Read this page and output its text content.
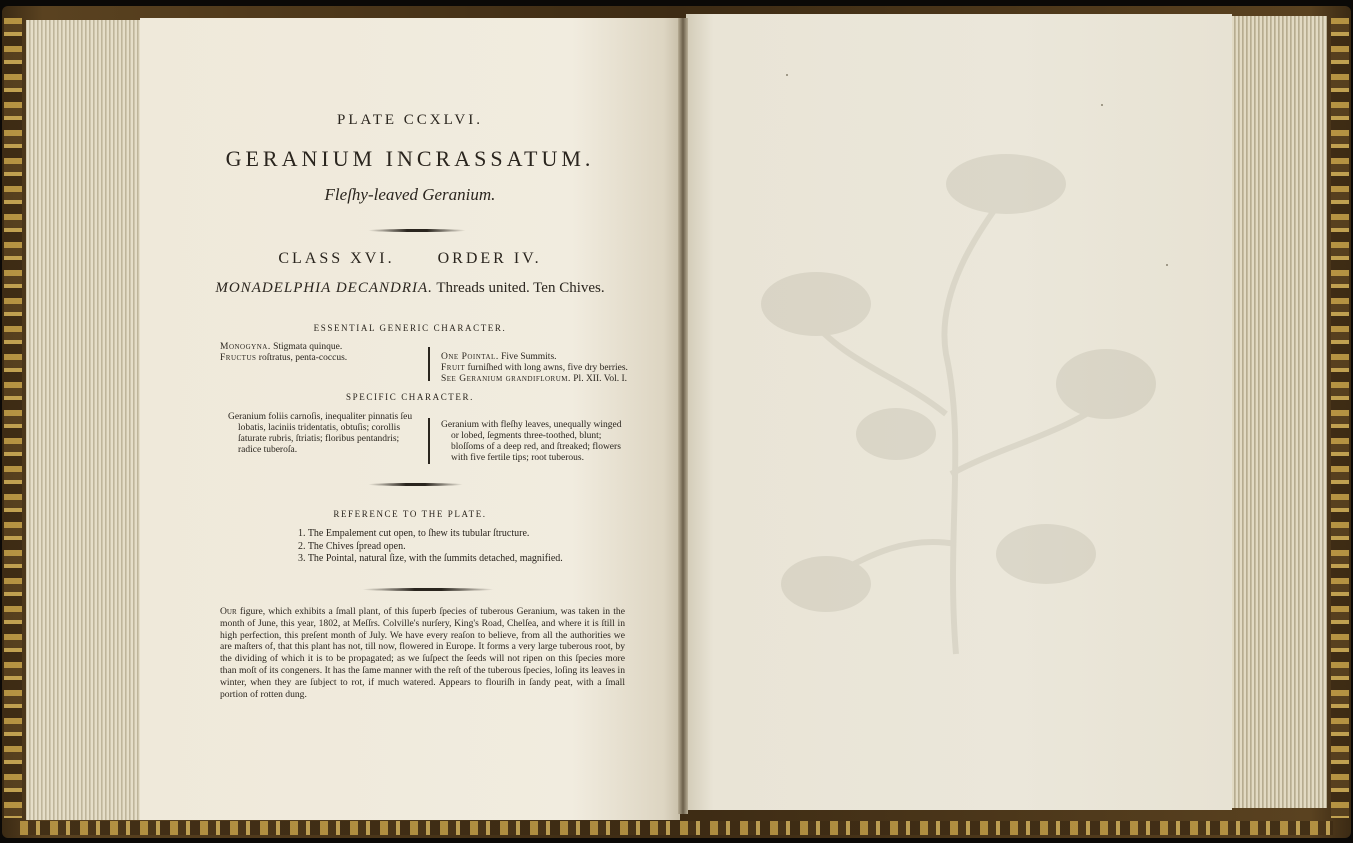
PLATE CCXLVI.
GERANIUM INCRASSATUM.
Fleſhy-leaved Geranium.
CLASS XVI.	ORDER IV.
MONADELPHIA DECANDRIA. Threads united. Ten Chives.
ESSENTIAL GENERIC CHARACTER.
Monogyna. Stigmata quinque.
Fructus roſtratus, penta-coccus.	One Pointal. Five Summits.
Fruit furniſhed with long awns, five dry berries.
See Geranium grandiflorum. Pl. XII. Vol. I.
SPECIFIC CHARACTER.
Geranium foliis carnoſis, inequaliter pinnatis ſeu lobatis, laciniis tridentatis, obtuſis; corollis ſaturate rubris, ſtriatis; floribus pentandris; radice tuberoſa.
Geranium with fleſhy leaves, unequally winged or lobed, ſegments three-toothed, blunt; bloſſoms of a deep red, and ſtreaked; flowers with five fertile tips; root tuberous.
REFERENCE TO THE PLATE.
1. The Empalement cut open, to ſhew its tubular ſtructure.
2. The Chives ſpread open.
3. The Pointal, natural ſize, with the ſummits detached, magnified.
Our figure, which exhibits a ſmall plant, of this ſuperb ſpecies of tuberous Geranium, was taken in the month of June, this year, 1802, at Meſſrs. Colville's nurſery, King's Road, Chelſea, and where it is ſtill in high perfection, this preſent month of July. We have every reaſon to believe, from all the authorities we are maſters of, that this plant has not, till now, flowered in Europe. It forms a very large tuberous root, by the dividing of which it is to be propagated; as we ſuſpect the ſeeds will not ripen on this ſpecies more than moſt of its congeners. It has the ſame manner with the reſt of the tuberous ſpecies, loſing its leaves in winter, when they are ſubject to rot, if much watered. Appears to flouriſh in ſandy peat, with a ſmall portion of rotten dung.
